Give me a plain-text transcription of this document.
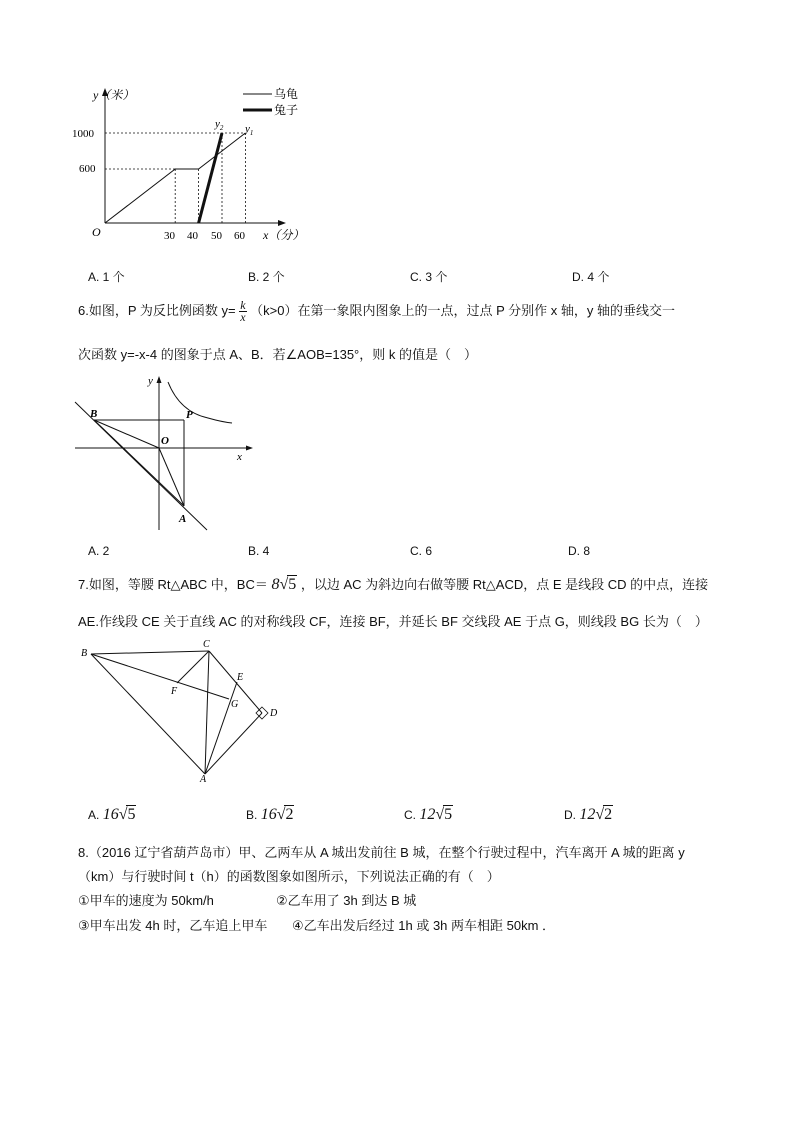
y（米）
x（分）
O
1000
600
30 40 50 60
$y_2$ $y_1$
乌龟
兔子
A. 1 个	B. 2 个	C. 3 个	D. 4 个
6.如图，P 为反比例函数 $y= \frac{k}{x} (k>0)$在第一象限内图象上的一点，过点 P 分别作 x 轴，y 轴的垂线交一
次函数 y=-x-4 的图象于点 A、B．若∠AOB=135°，则 k 的值是（　）
y
x
O
B	P
A
A. 2	B. 4	C. 6	D. 8
7.如图，等腰 Rt△ABC 中，BC＝ 8√5 ，以边 AC 为斜边向右做等腰 Rt△ACD，点 E 是线段 CD 的中点，连接
AE.作线段 CE 关于直线 AC 的对称线段 CF，连接 BF，并延长 BF 交线段 AE 于点 G，则线段 BG 长为（　）
B
C
E
F
G
D
A
A. 16√5	B. 16√2	C. 12√5	D. 12√2
8.（2016 辽宁省葫芦岛市）甲、乙两车从 A 城出发前往 B 城，在整个行驶过程中，汽车离开 A 城的距离 y
（km）与行驶时间 t（h）的函数图象如图所示，下列说法正确的有（　）
①甲车的速度为 50km/h	②乙车用了 3h 到达 B 城
③甲车出发 4h 时，乙车追上甲车 ④乙车出发后经过 1h 或 3h 两车相距 50km ．
